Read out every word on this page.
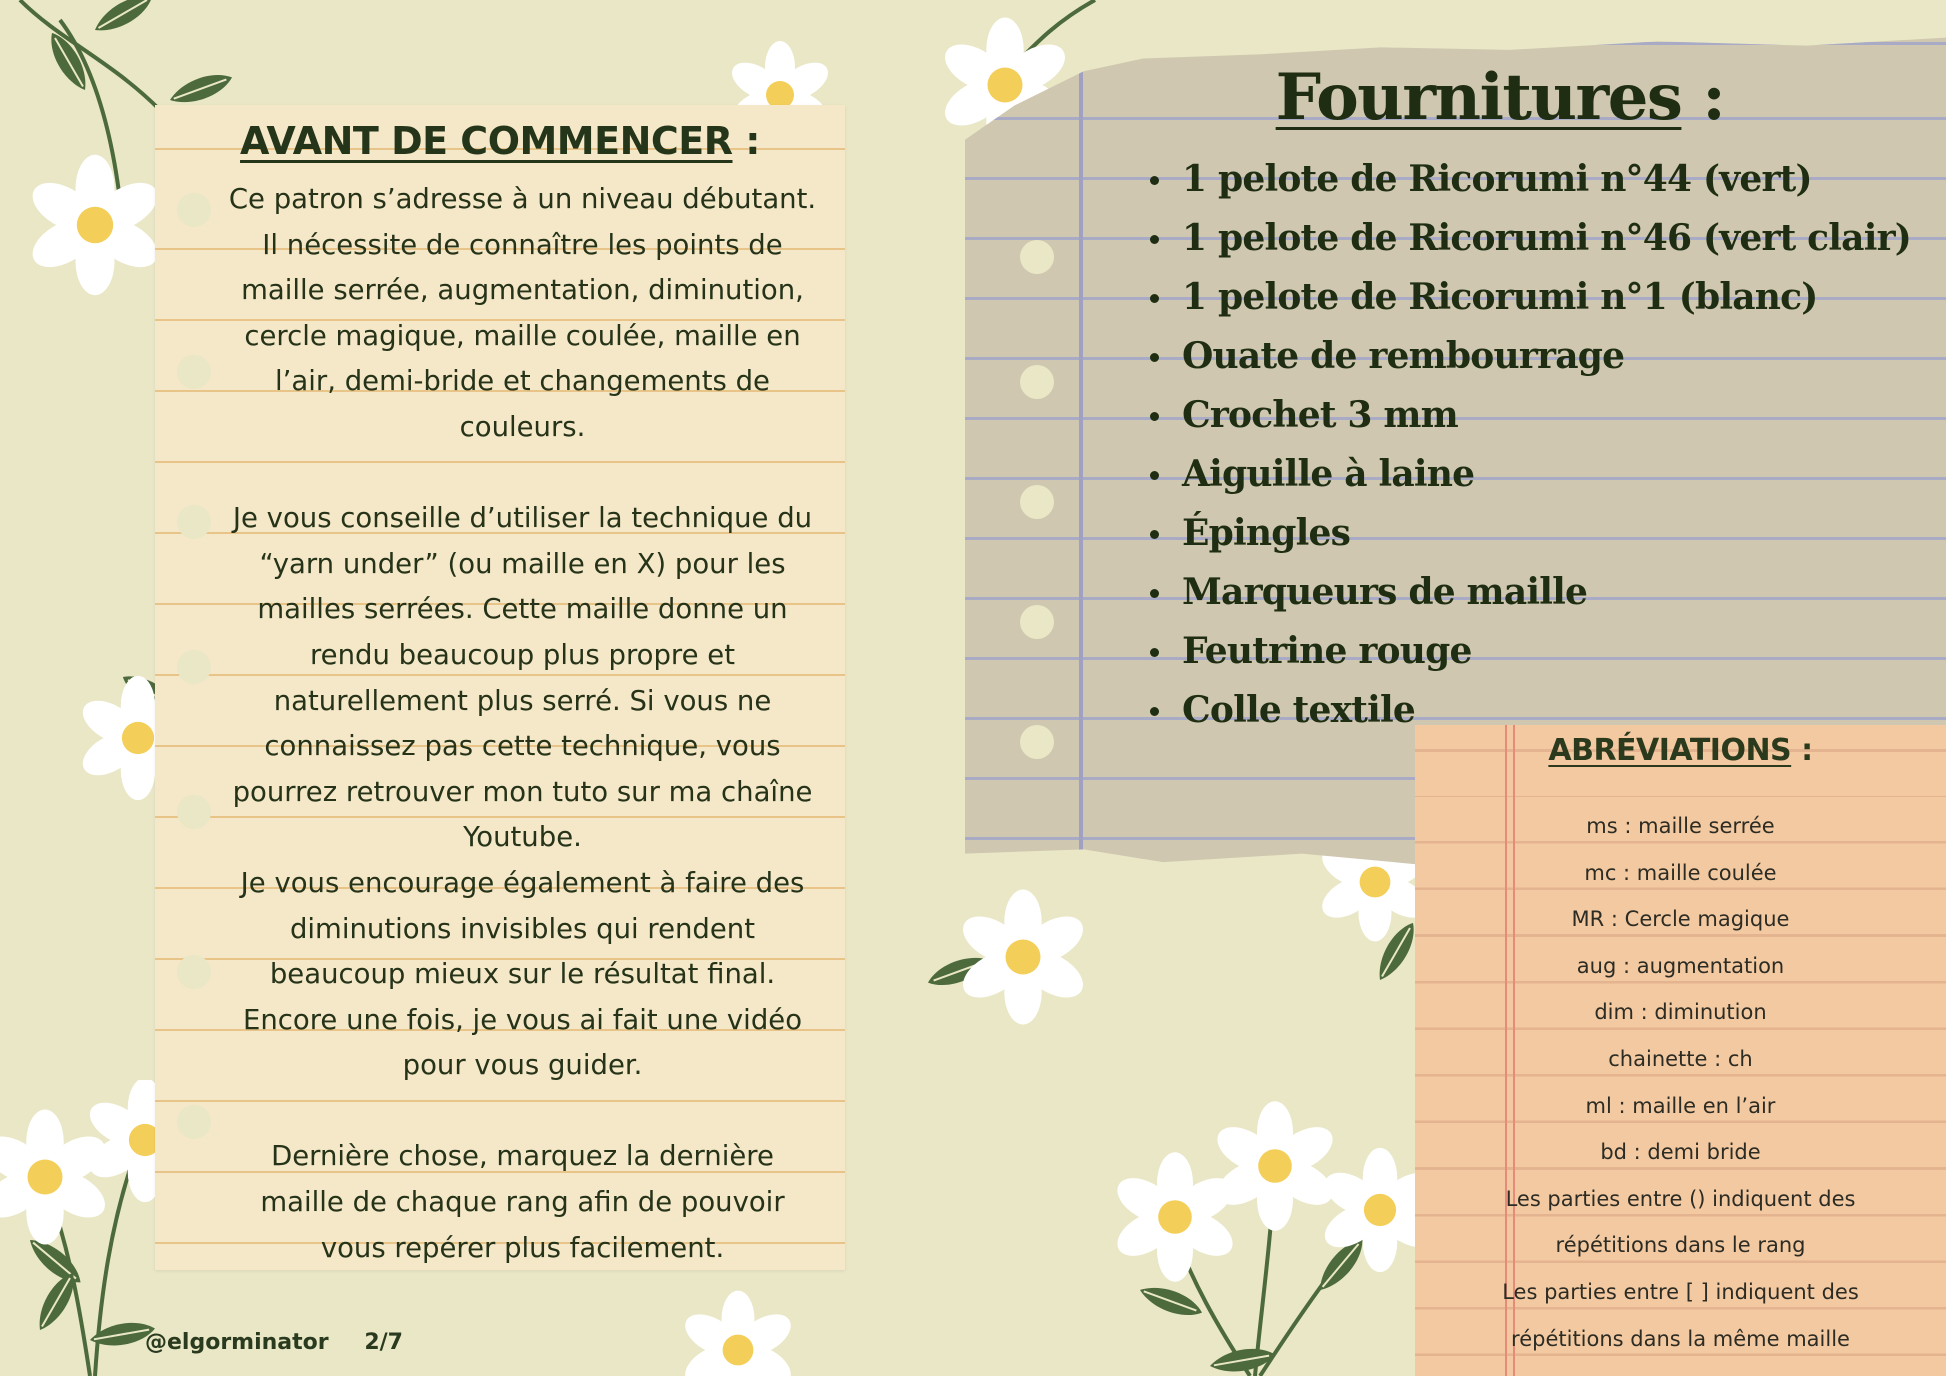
AVANT DE COMMENCER :

Ce patron s’adresse à un niveau débutant.
Il nécessite de connaître les points de
maille serrée, augmentation, diminution,
cercle magique, maille coulée, maille en
l’air, demi-bride et changements de
couleurs.

Je vous conseille d’utiliser la technique du
“yarn under” (ou maille en X) pour les
mailles serrées. Cette maille donne un
rendu beaucoup plus propre et
naturellement plus serré. Si vous ne
connaissez pas cette technique, vous
pourrez retrouver mon tuto sur ma chaîne
Youtube.
Je vous encourage également à faire des
diminutions invisibles qui rendent
beaucoup mieux sur le résultat final.
Encore une fois, je vous ai fait une vidéo
pour vous guider.

Dernière chose, marquez la dernière
maille de chaque rang afin de pouvoir
vous repérer plus facilement.

Fournitures :
1 pelote de Ricorumi n°44 (vert)
1 pelote de Ricorumi n°46 (vert clair)
1 pelote de Ricorumi n°1 (blanc)
Ouate de rembourrage
Crochet 3 mm
Aiguille à laine
Épingles
Marqueurs de maille
Feutrine rouge
Colle textile
ABRÉVIATIONS :
ms : maille serrée
mc : maille coulée
MR : Cercle magique
aug : augmentation
dim : diminution
chainette : ch
ml : maille en l’air
bd : demi bride
Les parties entre () indiquent des
répétitions dans le rang
Les parties entre [ ] indiquent des
répétitions dans la même maille
@elgorminator 2/7
